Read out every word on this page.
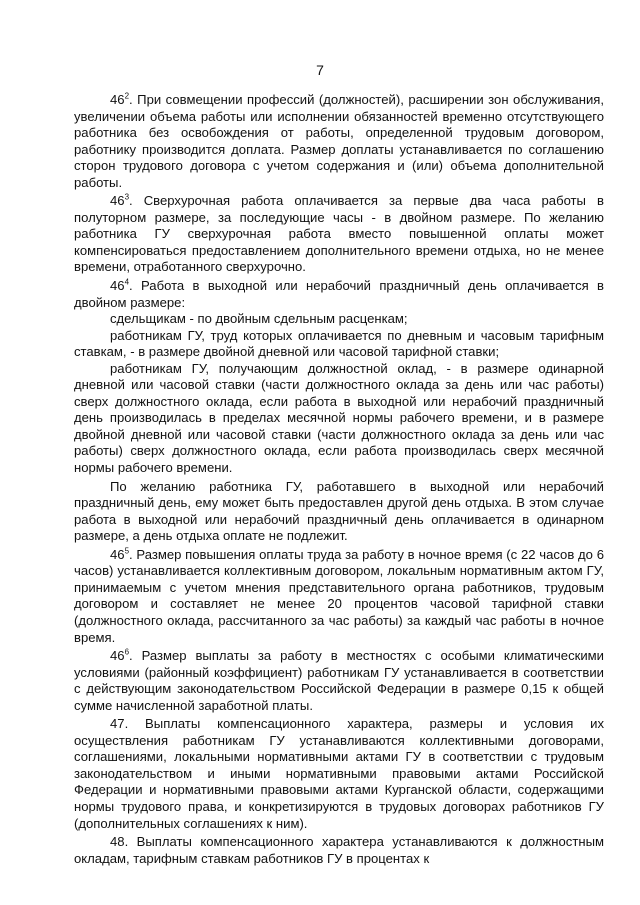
7

$46^2$. При совмещении профессий (должностей), расширении зон обслуживания, увеличении объема работы или исполнении обязанностей временно отсутствующего работника без освобождения от работы, определенной трудовым договором, работнику производится доплата. Размер доплаты устанавливается по соглашению сторон трудового договора с учетом содержания и (или) объема дополнительной работы.

$46^3$. Сверхурочная работа оплачивается за первые два часа работы в полуторном размере, за последующие часы - в двойном размере. По желанию работника ГУ сверхурочная работа вместо повышенной оплаты может компенсироваться предоставлением дополнительного времени отдыха, но не менее времени, отработанного сверхурочно.

$46^4$. Работа в выходной или нерабочий праздничный день оплачивается в двойном размере:

сдельщикам - по двойным сдельным расценкам;

работникам ГУ, труд которых оплачивается по дневным и часовым тарифным ставкам, - в размере двойной дневной или часовой тарифной ставки;

работникам ГУ, получающим должностной оклад, - в размере одинарной дневной или часовой ставки (части должностного оклада за день или час работы) сверх должностного оклада, если работа в выходной или нерабочий праздничный день производилась в пределах месячной нормы рабочего времени, и в размере двойной дневной или часовой ставки (части должностного оклада за день или час работы) сверх должностного оклада, если работа производилась сверх месячной нормы рабочего времени.

По желанию работника ГУ, работавшего в выходной или нерабочий праздничный день, ему может быть предоставлен другой день отдыха. В этом случае работа в выходной или нерабочий праздничный день оплачивается в одинарном размере, а день отдыха оплате не подлежит.

$46^5$. Размер повышения оплаты труда за работу в ночное время (с 22 часов до 6 часов) устанавливается коллективным договором, локальным нормативным актом ГУ, принимаемым с учетом мнения представительного органа работников, трудовым договором и составляет не менее 20 процентов часовой тарифной ставки (должностного оклада, рассчитанного за час работы) за каждый час работы в ночное время.

$46^6$. Размер выплаты за работу в местностях с особыми климатическими условиями (районный коэффициент) работникам ГУ устанавливается в соответствии с действующим законодательством Российской Федерации в размере 0,15 к общей сумме начисленной заработной платы.

47. Выплаты компенсационного характера, размеры и условия их осуществления работникам ГУ устанавливаются коллективными договорами, соглашениями, локальными нормативными актами ГУ в соответствии с трудовым законодательством и иными нормативными правовыми актами Российской Федерации и нормативными правовыми актами Курганской области, содержащими нормы трудового права, и конкретизируются в трудовых договорах работников ГУ (дополнительных соглашениях к ним).

48. Выплаты компенсационного характера устанавливаются к должностным окладам, тарифным ставкам работников ГУ в процентах к
